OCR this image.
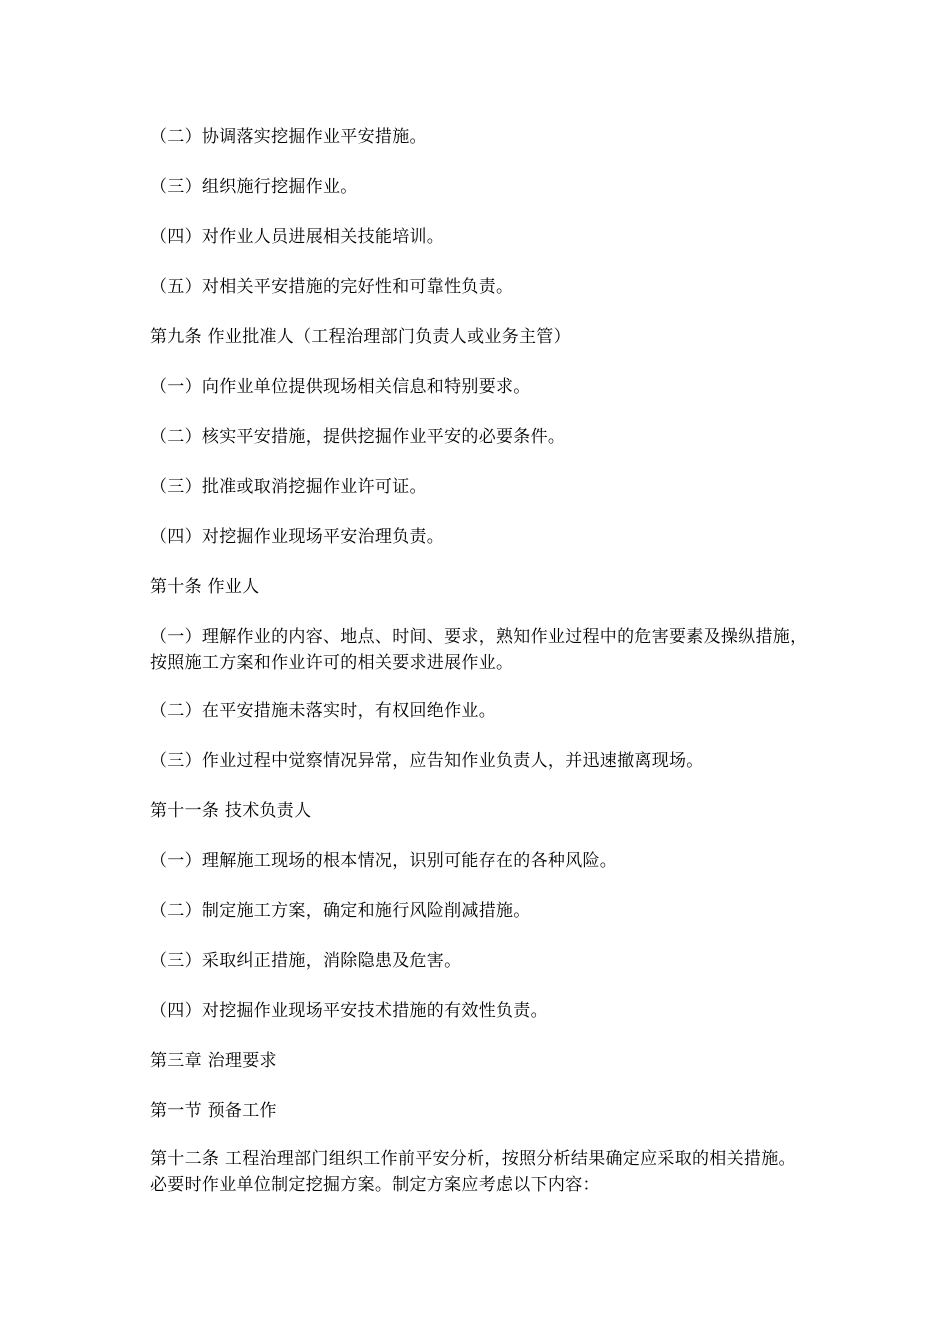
（二）协调落实挖掘作业平安措施。

（三）组织施行挖掘作业。

（四）对作业人员进展相关技能培训。

（五）对相关平安措施的完好性和可靠性负责。

第九条 作业批准人（工程治理部门负责人或业务主管）

（一）向作业单位提供现场相关信息和特别要求。

（二）核实平安措施，提供挖掘作业平安的必要条件。

（三）批准或取消挖掘作业许可证。

（四）对挖掘作业现场平安治理负责。

第十条 作业人

（一）理解作业的内容、地点、时间、要求，熟知作业过程中的危害要素及操纵措施，按照施工方案和作业许可的相关要求进展作业。

（二）在平安措施未落实时，有权回绝作业。

（三）作业过程中觉察情况异常，应告知作业负责人，并迅速撤离现场。

第十一条 技术负责人

（一）理解施工现场的根本情况，识别可能存在的各种风险。

（二）制定施工方案，确定和施行风险削减措施。

（三）采取纠正措施，消除隐患及危害。

（四）对挖掘作业现场平安技术措施的有效性负责。

第三章 治理要求

第一节 预备工作

第十二条 工程治理部门组织工作前平安分析，按照分析结果确定应采取的相关措施。必要时作业单位制定挖掘方案。制定方案应考虑以下内容：
